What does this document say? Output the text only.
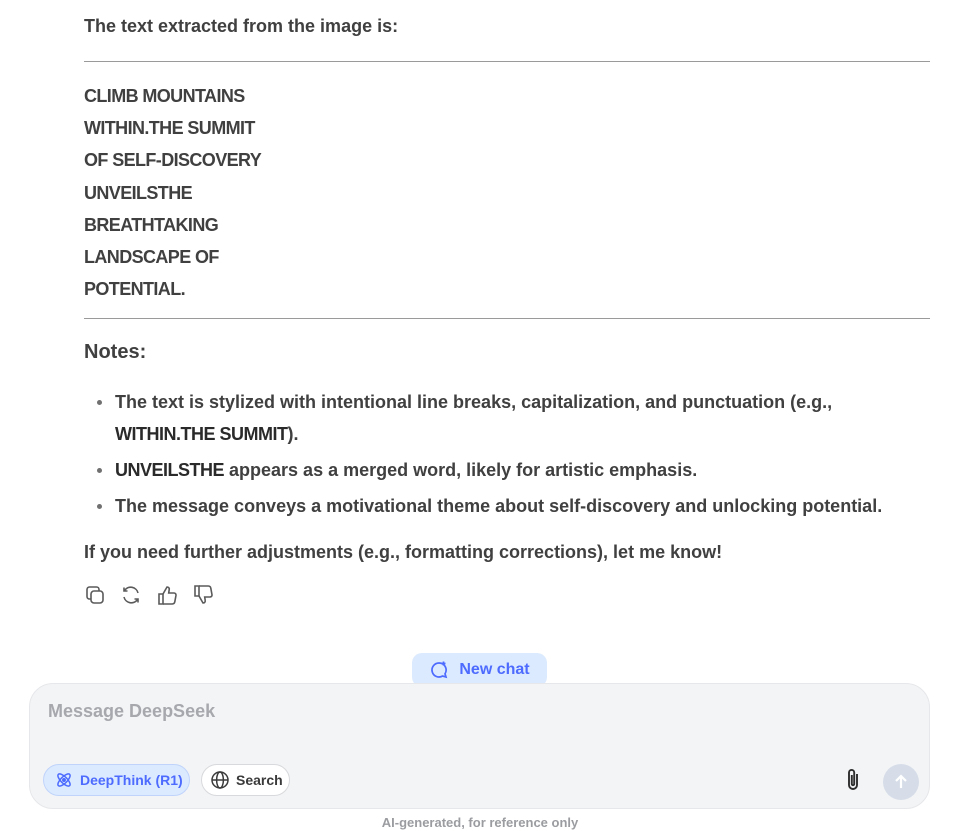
The text extracted from the image is:
CLIMB MOUNTAINS
WITHIN.THE SUMMIT
OF SELF-DISCOVERY
UNVEILSTHE
BREATHTAKING
LANDSCAPE OF
POTENTIAL.
Notes:
The text is stylized with intentional line breaks, capitalization, and punctuation (e.g., WITHIN.THE SUMMIT).
UNVEILSTHE appears as a merged word, likely for artistic emphasis.
The message conveys a motivational theme about self-discovery and unlocking potential.
If you need further adjustments (e.g., formatting corrections), let me know!
New chat
Message DeepSeek
DeepThink (R1)	Search
AI-generated, for reference only
